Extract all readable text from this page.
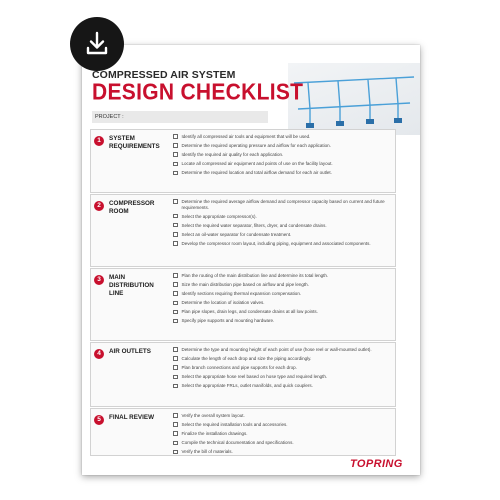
COMPRESSED AIR SYSTEM
DESIGN CHECKLIST
PROJECT :
1	SYSTEM REQUIREMENTS
Identify all compressed air tools and equipment that will be used.
Determine the required operating pressure and airflow for each application.
Identify the required air quality for each application.
Locate all compressed air equipment and points of use on the facility layout.
Determine the required location and total airflow demand for each air outlet.
2	COMPRESSOR ROOM
Determine the required average airflow demand and compressor capacity based on current and future requirements.
Select the appropriate compressor(s).
Select the required water separator, filters, dryer, and condensate drains.
Select an oil-water separator for condensate treatment.
Develop the compressor room layout, including piping, equipment and associated components.
3	MAIN DISTRIBUTION LINE
Plan the routing of the main distribution line and determine its total length.
Size the main distribution pipe based on airflow and pipe length.
Identify sections requiring thermal expansion compensation.
Determine the location of isolation valves.
Plan pipe slopes, drain legs, and condensate drains at all low points.
Specify pipe supports and mounting hardware.
4	AIR OUTLETS	Determine the type and mounting height of each point of use (hose reel or wall-mounted outlet).
Calculate the length of each drop and size the piping accordingly.
Plan branch connections and pipe supports for each drop.
Select the appropriate hose reel based on hose type and required length.
Select the appropriate FRLs, outlet manifolds, and quick couplers.
5	FINAL REVIEW	Verify the overall system layout.
Select the required installation tools and accessories.
Finalize the installation drawings.
Compile the technical documentation and specifications.
Verify the bill of materials.
TOPRING
